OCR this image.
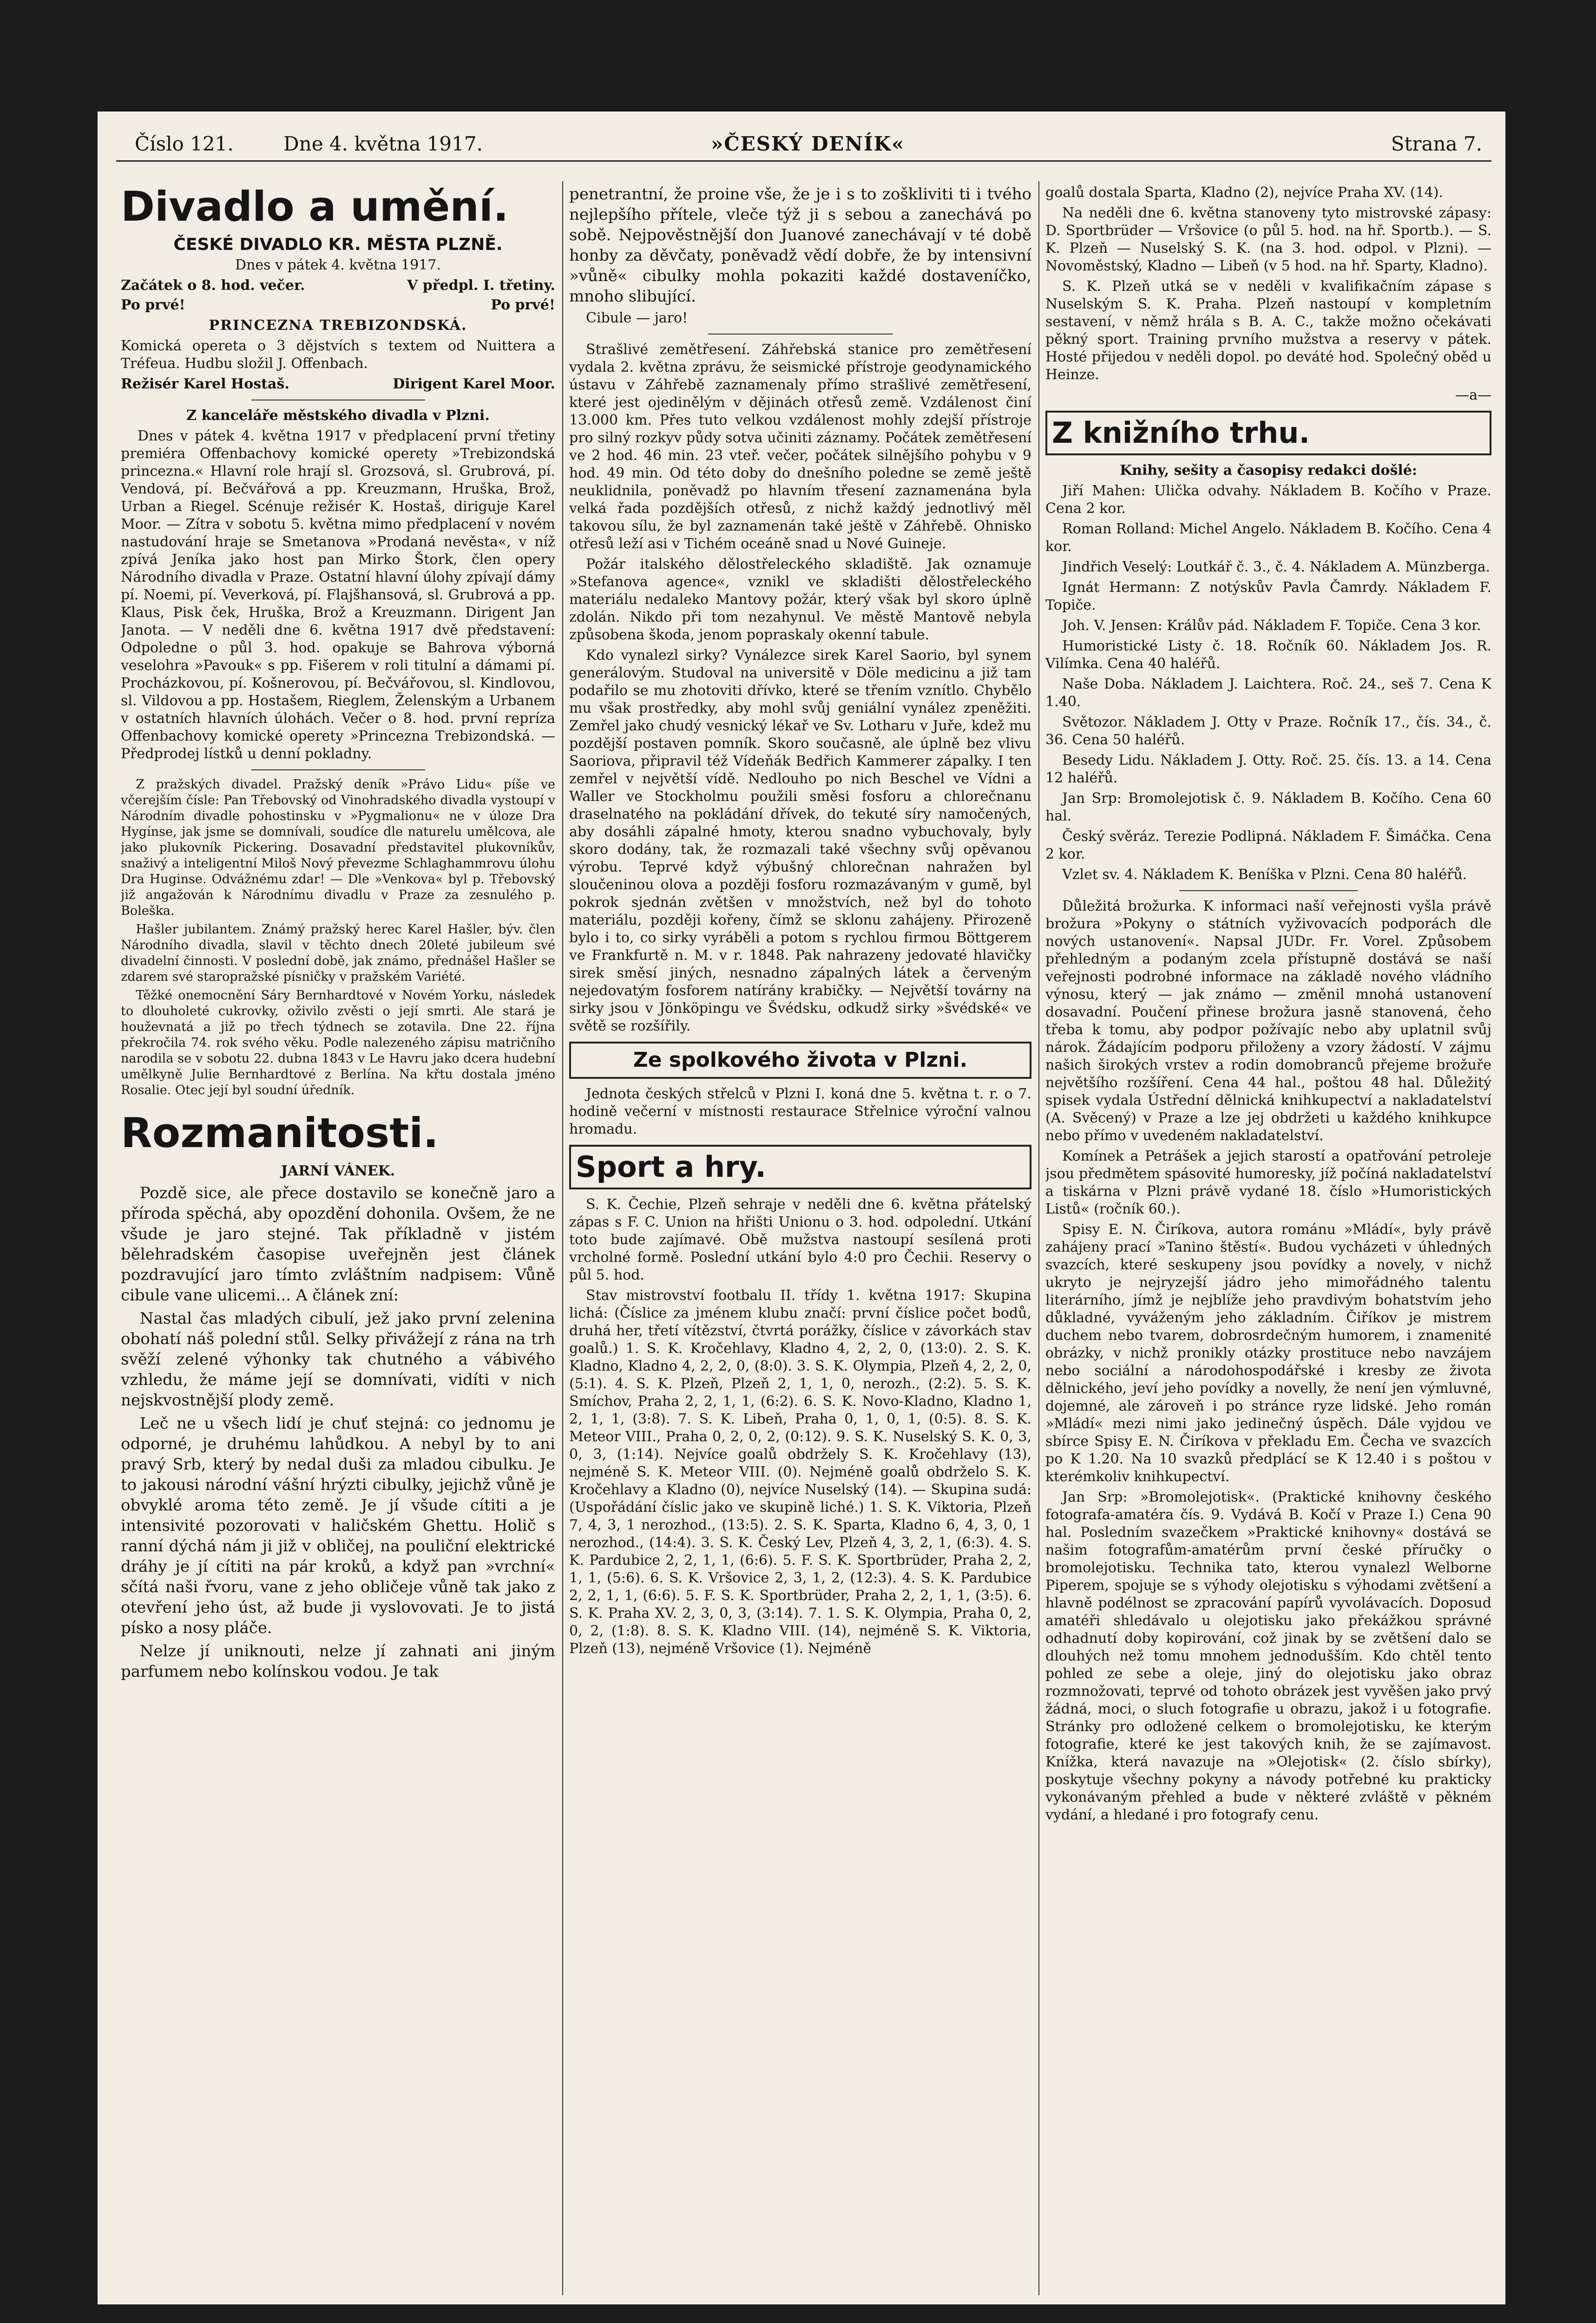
Číslo 121.	Dne 4. května 1917.	»ČESKÝ DENÍK«	Strana 7.
Divadlo a umění.
ČESKÉ DIVADLO KR. MĚSTA PLZNĚ.
Dnes v pátek 4. května 1917.
Začátek o 8. hod. večer.	V předpl. I. třetiny.
Po prvé!	Po prvé!
PRINCEZNA TREBIZONDSKÁ.

Komická opereta o 3 dějstvích s textem od Nuittera a Tréfeua. Hudbu složil J. Offenbach.

Režisér Karel Hostaš.	Dirigent Karel Moor.
Z kanceláře městského divadla v Plzni.

Dnes v pátek 4. května 1917 v předplacení první třetiny premiéra Offenbachovy komické operety »Trebizondská princezna.« Hlavní role hrají sl. Grozsová, sl. Grubrová, pí. Vendová, pí. Bečvářová a pp. Kreuzmann, Hruška, Brož, Urban a Riegel. Scénuje režisér K. Hostaš, diriguje Karel Moor. — Zítra v sobotu 5. května mimo předplacení v novém nastudování hraje se Smetanova »Prodaná nevěsta«, v níž zpívá Jeníka jako host pan Mirko Štork, člen opery Národního divadla v Praze. Ostatní hlavní úlohy zpívají dámy pí. Noemi, pí. Veverková, pí. Flajšhansová, sl. Grubrová a pp. Klaus, Pisk ček, Hruška, Brož a Kreuzmann. Dirigent Jan Janota. — V neděli dne 6. května 1917 dvě představení: Odpoledne o půl 3. hod. opakuje se Bahrova výborná veselohra »Pavouk« s pp. Fišerem v roli titulní a dámami pí. Procházkovou, pí. Košnerovou, pí. Bečvářovou, sl. Kindlovou, sl. Vildovou a pp. Hostašem, Rieglem, Želenským a Urbanem v ostatních hlavních úlohách. Večer o 8. hod. první repríza Offenbachovy komické operety »Princezna Trebizondská. — Předprodej lístků u denní pokladny.

Z pražských divadel. Pražský deník »Právo Lidu« píše ve včerejším čísle: Pan Třebovský od Vinohradského divadla vystoupí v Národním divadle pohostinsku v »Pygmalionu« ne v úloze Dra Hygínse, jak jsme se domnívali, soudíce dle naturelu umělcova, ale jako plukovník Pickering. Dosavadní představitel plukovníkův, snaživý a inteligentní Miloš Nový převezme Schlaghammrovu úlohu Dra Huginse. Odvážnému zdar! — Dle »Venkova« byl p. Třebovský již angažován k Národnímu divadlu v Praze za zesnulého p. Boleška.

Hašler jubilantem. Známý pražský herec Karel Hašler, býv. člen Národního divadla, slavil v těchto dnech 20leté jubileum své divadelní činnosti. V poslední době, jak známo, přednášel Hašler se zdarem své staropražské písničky v pražském Variété.

Těžké onemocnění Sáry Bernhardtové v Novém Yorku, následek to dlouholeté cukrovky, oživilo zvěsti o její smrti. Ale stará je houževnatá a již po třech týdnech se zotavila. Dne 22. října překročila 74. rok svého věku. Podle nalezeného zápisu matričního narodila se v sobotu 22. dubna 1843 v Le Havru jako dcera hudební umělkyně Julie Bernhardtové z Berlína. Na křtu dostala jméno Rosalie. Otec její byl soudní úředník.

Rozmanitosti.
JARNÍ VÁNEK.

Pozdě sice, ale přece dostavilo se konečně jaro a příroda spěchá, aby opozdění dohonila. Ovšem, že ne všude je jaro stejné. Tak příkladně v jistém bělehradském časopise uveřejněn jest článek pozdravující jaro tímto zvláštním nadpisem: Vůně cibule vane ulicemi... A článek zní:

Nastal čas mladých cibulí, jež jako první zelenina obohatí náš polední stůl. Selky přivážejí z rána na trh svěží zelené výhonky tak chutného a vábivého vzhledu, že máme její se domnívati, vidíti v nich nejskvostnější plody země.

Leč ne u všech lidí je chuť stejná: co jednomu je odporné, je druhému lahůdkou. A nebyl by to ani pravý Srb, který by nedal duši za mladou cibulku. Je to jakousi národní vášní hrýzti cibulky, jejichž vůně je obvyklé aroma této země. Je jí všude cítiti a je intensivité pozorovati v haličském Ghettu. Holič s ranní dýchá nám ji již v obličej, na pouliční elektrické dráhy je jí cítiti na pár kroků, a když pan »vrchní« sčítá naši řvoru, vane z jeho obličeje vůně tak jako z otevření jeho úst, až bude ji vyslovovati. Je to jistá písko a nosy pláče.

Nelze jí uniknouti, nelze jí zahnati ani jiným parfumem nebo kolínskou vodou. Je tak

penetrantní, že proine vše, že je i s to zoškliviti ti i tvého nejlepšího přítele, vleče týž ji s sebou a zanechává po sobě. Nejpověstnější don Juanové zanechávají v té době honby za děvčaty, poněvadž vědí dobře, že by intensivní »vůně« cibulky mohla pokaziti každé dostaveníčko, mnoho slibující.

Cibule — jaro!

Strašlivé zemětřesení. Záhřebská stanice pro zemětřesení vydala 2. května zprávu, že seismické přístroje geodynamického ústavu v Záhřebě zaznamenaly přímo strašlivé zemětřesení, které jest ojedinělým v dějinách otřesů země. Vzdálenost činí 13.000 km. Přes tuto velkou vzdálenost mohly zdejší přístroje pro silný rozkyv půdy sotva učiniti záznamy. Počátek zemětřesení ve 2 hod. 46 min. 23 vteř. večer, počátek silnějšího pohybu v 9 hod. 49 min. Od této doby do dnešního poledne se země ještě neuklidnila, poněvadž po hlavním třesení zaznamenána byla velká řada pozdějších otřesů, z nichž každý jednotlivý měl takovou sílu, že byl zaznamenán také ještě v Záhřebě. Ohnisko otřesů leží asi v Tichém oceáně snad u Nové Guineje.

Požár italského dělostřeleckého skladiště. Jak oznamuje »Stefanova agence«, vznikl ve skladišti dělostřeleckého materiálu nedaleko Mantovy požár, který však byl skoro úplně zdolán. Nikdo při tom nezahynul. Ve městě Mantově nebyla způsobena škoda, jenom popraskaly okenní tabule.

Kdo vynalezl sirky? Vynálezce sirek Karel Saorio, byl synem generálovým. Studoval na universitě v Döle medicinu a již tam podařilo se mu zhotoviti dřívko, které se třením vznítlo. Chybělo mu však prostředky, aby mohl svůj geniální vynález zpeněžiti. Zemřel jako chudý vesnický lékař ve Sv. Lotharu v Juře, kdež mu pozdější postaven pomník. Skoro současně, ale úplně bez vlivu Saoriova, připravil též Vídeňák Bedřich Kammerer zápalky. I ten zemřel v největší vídě. Nedlouho po nich Beschel ve Vídni a Waller ve Stockholmu použili směsi fosforu a chlorečnanu draselnatého na pokládání dřívek, do tekuté síry namočených, aby dosáhli zápalné hmoty, kterou snadno vybuchovaly, byly skoro dodány, tak, že rozmazali také všechny svůj opěvanou výrobu. Teprvé když výbušný chlorečnan nahražen byl sloučeninou olova a později fosforu rozmazávaným v gumě, byl pokrok sjednán zvětšen v množstvích, než byl do tohoto materiálu, později kořeny, čímž se sklonu zahájeny. Přirozeně bylo i to, co sirky vyráběli a potom s rychlou firmou Böttgerem ve Frankfurtě n. M. v r. 1848. Pak nahrazeny jedovaté hlavičky sirek směsí jiných, nesnadno zápalných látek a červeným nejedovatým fosforem natírány krabičky. — Největší továrny na sirky jsou v Jönköpingu ve Švédsku, odkudž sirky »švédské« ve světě se rozšířily.

Ze spolkového života v Plzni.

Jednota českých střelců v Plzni I. koná dne 5. května t. r. o 7. hodině večerní v místnosti restaurace Střelnice výroční valnou hromadu.

Sport a hry.

S. K. Čechie, Plzeň sehraje v neděli dne 6. května přátelský zápas s F. C. Union na hřišti Unionu o 3. hod. odpolední. Utkání toto bude zajímavé. Obě mužstva nastoupí sesílená proti vrcholné formě. Poslední utkání bylo 4:0 pro Čechii. Reservy o půl 5. hod.

Stav mistrovství footbalu II. třídy 1. května 1917: Skupina lichá: (Číslice za jménem klubu značí: první číslice počet bodů, druhá her, třetí vítězství, čtvrtá porážky, číslice v závorkách stav goalů.) 1. S. K. Kročehlavy, Kladno 4, 2, 2, 0, (13:0). 2. S. K. Kladno, Kladno 4, 2, 2, 0, (8:0). 3. S. K. Olympia, Plzeň 4, 2, 2, 0, (5:1). 4. S. K. Plzeň, Plzeň 2, 1, 1, 0, nerozh., (2:2). 5. S. K. Smíchov, Praha 2, 2, 1, 1, (6:2). 6. S. K. Novo-Kladno, Kladno 1, 2, 1, 1, (3:8). 7. S. K. Libeň, Praha 0, 1, 0, 1, (0:5). 8. S. K. Meteor VIII., Praha 0, 2, 0, 2, (0:12). 9. S. K. Nuselský S. K. 0, 3, 0, 3, (1:14). Nejvíce goalů obdržely S. K. Kročehlavy (13), nejméně S. K. Meteor VIII. (0). Nejméně goalů obdrželo S. K. Kročehlavy a Kladno (0), nejvíce Nuselský (14). — Skupina sudá: (Uspořádání číslic jako ve skupině liché.) 1. S. K. Viktoria, Plzeň 7, 4, 3, 1 nerozhod., (13:5). 2. S. K. Sparta, Kladno 6, 4, 3, 0, 1 nerozhod., (14:4). 3. S. K. Český Lev, Plzeň 4, 3, 2, 1, (6:3). 4. S. K. Pardubice 2, 2, 1, 1, (6:6). 5. F. S. K. Sportbrüder, Praha 2, 2, 1, 1, (5:6). 6. S. K. Vršovice 2, 3, 1, 2, (12:3). 4. S. K. Pardubice 2, 2, 1, 1, (6:6). 5. F. S. K. Sportbrüder, Praha 2, 2, 1, 1, (3:5). 6. S. K. Praha XV. 2, 3, 0, 3, (3:14). 7. 1. S. K. Olympia, Praha 0, 2, 0, 2, (1:8). 8. S. K. Kladno VIII. (14), nejméně S. K. Viktoria, Plzeň (13), nejméně Vršovice (1). Nejméně

goalů dostala Sparta, Kladno (2), nejvíce Praha XV. (14).

Na neděli dne 6. května stanoveny tyto mistrovské zápasy: D. Sportbrüder — Vršovice (o půl 5. hod. na hř. Sportb.). — S. K. Plzeň — Nuselský S. K. (na 3. hod. odpol. v Plzni). — Novoměstský, Kladno — Libeň (v 5 hod. na hř. Sparty, Kladno).

S. K. Plzeň utká se v neděli v kvalifikačním zápase s Nuselským S. K. Praha. Plzeň nastoupí v kompletním sestavení, v němž hrála s B. A. C., takže možno očekávati pěkný sport. Training prvního mužstva a reservy v pátek. Hosté přijedou v neděli dopol. po deváté hod. Společný oběd u Heinze.

—a—
Z knižního trhu.
Knihy, sešity a časopisy redakci došlé:

Jiří Mahen: Ulička odvahy. Nákladem B. Kočího v Praze. Cena 2 kor.

Roman Rolland: Michel Angelo. Nákladem B. Kočího. Cena 4 kor.

Jindřich Veselý: Loutkář č. 3., č. 4. Nákladem A. Münzberga.

Ignát Hermann: Z notýskův Pavla Čamrdy. Nákladem F. Topiče.

Joh. V. Jensen: Králův pád. Nákladem F. Topiče. Cena 3 kor.

Humoristické Listy č. 18. Ročník 60. Nákladem Jos. R. Vilímka. Cena 40 haléřů.

Naše Doba. Nákladem J. Laichtera. Roč. 24., seš 7. Cena K 1.40.

Světozor. Nákladem J. Otty v Praze. Ročník 17., čís. 34., č. 36. Cena 50 haléřů.

Besedy Lidu. Nákladem J. Otty. Roč. 25. čís. 13. a 14. Cena 12 haléřů.

Jan Srp: Bromolejotisk č. 9. Nákladem B. Kočího. Cena 60 hal.

Český svěráz. Terezie Podlipná. Nákladem F. Šimáčka. Cena 2 kor.

Vzlet sv. 4. Nákladem K. Beníška v Plzni. Cena 80 haléřů.

Důležitá brožurka. K informaci naší veřejnosti vyšla právě brožura »Pokyny o státních vyživovacích podporách dle nových ustanovení«. Napsal JUDr. Fr. Vorel. Způsobem přehledným a podaným zcela přístupně dostává se naší veřejnosti podrobné informace na základě nového vládního výnosu, který — jak známo — změnil mnohá ustanovení dosavadní. Poučení přinese brožura jasně stanovená, čeho třeba k tomu, aby podpor požívajíc nebo aby uplatnil svůj nárok. Žádajícím podporu přiloženy a vzory žádostí. V zájmu našich širokých vrstev a rodin domobranců přejeme brožuře největšího rozšíření. Cena 44 hal., poštou 48 hal. Důležitý spisek vydala Ústřední dělnická knihkupectví a nakladatelství (A. Svěcený) v Praze a lze jej obdržeti u každého knihkupce nebo přímo v uvedeném nakladatelství.

Komínek a Petrášek a jejich starostí a opatřování petroleje jsou předmětem spásovité humoresky, jíž počíná nakladatelství a tiskárna v Plzni právě vydané 18. číslo »Humoristických Listů« (ročník 60.).

Spisy E. N. Čiríkova, autora románu »Mládí«, byly právě zahájeny prací »Tanino štěstí«. Budou vycházeti v úhledných svazcích, které seskupeny jsou povídky a novely, v nichž ukryto je nejryzejší jádro jeho mimořádného talentu literárního, jímž je nejblíže jeho pravdivým bohatstvím jeho důkladné, vyváženým jeho základním. Čiříkov je mistrem duchem nebo tvarem, dobrosrdečným humorem, i znamenité obrázky, v nichž pronikly otázky prostituce nebo navzájem nebo sociální a národohospodářské i kresby ze života dělnického, jeví jeho povídky a novelly, že není jen výmluvné, dojemné, ale zároveň i po stránce ryze lidské. Jeho román »Mládí« mezi nimi jako jedinečný úspěch. Dále vyjdou ve sbírce Spisy E. N. Čiríkova v překladu Em. Čecha ve svazcích po K 1.20. Na 10 svazků předplácí se K 12.40 i s poštou v kterémkoliv knihkupectví.

Jan Srp: »Bromolejotisk«. (Praktické knihovny českého fotografa-amatéra čís. 9. Vydává B. Kočí v Praze I.) Cena 90 hal. Posledním svazečkem »Praktické knihovny« dostává se našim fotografům-amatérům první české příručky o bromolejotisku. Technika tato, kterou vynalezl Welborne Piperem, spojuje se s výhody olejotisku s výhodami zvětšení a hlavně podélnost se zpracování papírů vyvolávacích. Doposud amatéři shledávalo u olejotisku jako překážkou správné odhadnutí doby kopirování, což jinak by se zvětšení dalo se dlouhých než tomu mnohem jednodušším. Kdo chtěl tento pohled ze sebe a oleje, jiný do olejotisku jako obraz rozmnožovati, teprvé od tohoto obrázek jest vyvěšen jako prvý žádná, moci, o sluch fotografie u obrazu, jakož i u fotografie. Stránky pro odložené celkem o bromolejotisku, ke kterým fotografie, které ke jest takových knih, že se zajímavost. Knížka, která navazuje na »Olejotisk« (2. číslo sbírky), poskytuje všechny pokyny a návody potřebné ku prakticky vykonávaným přehled a bude v některé zvláště v pěkném vydání, a hledané i pro fotografy cenu.
